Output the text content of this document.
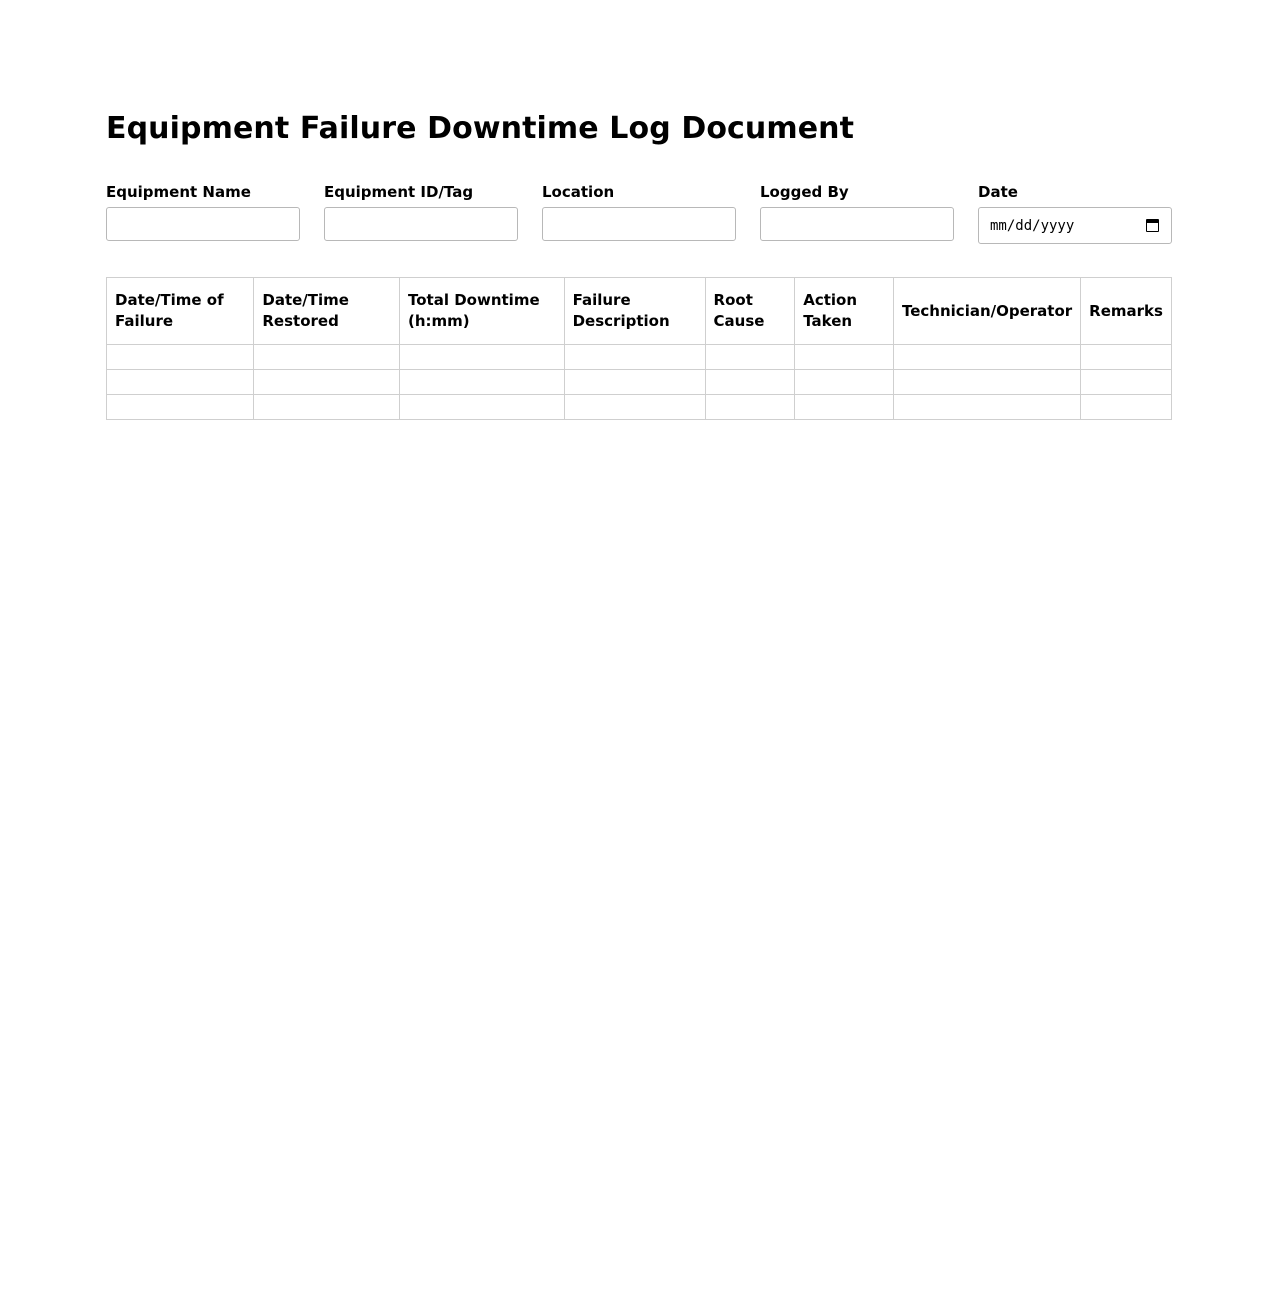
Equipment Failure Downtime Log Document
Equipment Name	Equipment ID/Tag	Location	Logged By	Date
mm/dd/yyyy
Date/Time of Failure	Date/Time Restored	Total Downtime (h:mm)	Failure Description	Root Cause	Action Taken	Technician/Operator	Remarks
